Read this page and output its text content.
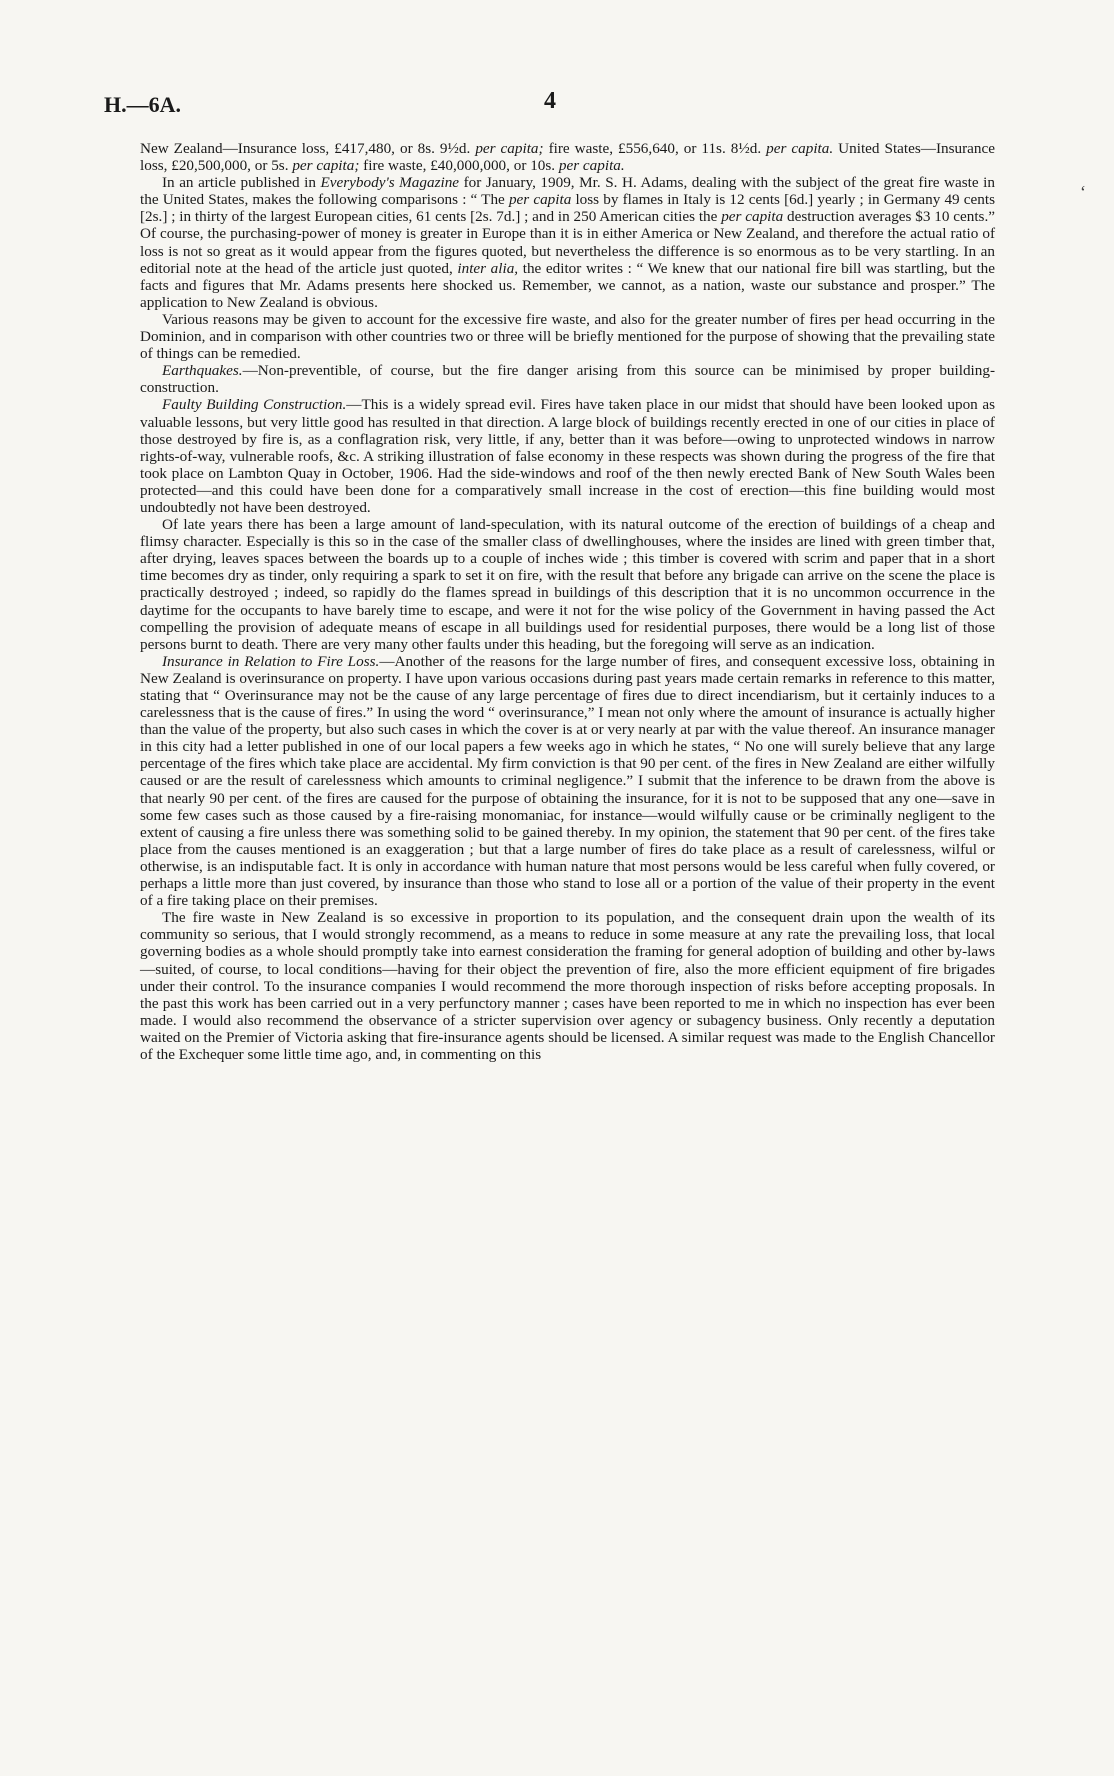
H.—6A.	4

New Zealand—Insurance loss, £417,480, or 8s. 9½d. per capita; fire waste, £556,640, or 11s. 8½d. per capita. United States—Insurance loss, £20,500,000, or 5s. per capita; fire waste, £40,000,000, or 10s. per capita.

In an article published in Everybody's Magazine for January, 1909, Mr. S. H. Adams, dealing with the subject of the great fire waste in the United States, makes the following comparisons : “ The per capita loss by flames in Italy is 12 cents [6d.] yearly ; in Germany 49 cents [2s.] ; in thirty of the largest European cities, 61 cents [2s. 7d.] ; and in 250 American cities the per capita destruction averages $3 10 cents.” Of course, the purchasing-power of money is greater in Europe than it is in either America or New Zealand, and therefore the actual ratio of loss is not so great as it would appear from the figures quoted, but nevertheless the difference is so enormous as to be very startling. In an editorial note at the head of the article just quoted, inter alia, the editor writes : “ We knew that our national fire bill was startling, but the facts and figures that Mr. Adams presents here shocked us. Remember, we cannot, as a nation, waste our substance and prosper.” The application to New Zealand is obvious.

Various reasons may be given to account for the excessive fire waste, and also for the greater number of fires per head occurring in the Dominion, and in comparison with other countries two or three will be briefly mentioned for the purpose of showing that the prevailing state of things can be remedied.

Earthquakes.—Non-preventible, of course, but the fire danger arising from this source can be minimised by proper building-construction.

Faulty Building Construction.—This is a widely spread evil. Fires have taken place in our midst that should have been looked upon as valuable lessons, but very little good has resulted in that direction. A large block of buildings recently erected in one of our cities in place of those destroyed by fire is, as a conflagration risk, very little, if any, better than it was before—owing to unprotected windows in narrow rights-of-way, vulnerable roofs, &c. A striking illustration of false economy in these respects was shown during the progress of the fire that took place on Lambton Quay in October, 1906. Had the side-windows and roof of the then newly erected Bank of New South Wales been protected—and this could have been done for a comparatively small increase in the cost of erection—this fine building would most undoubtedly not have been destroyed.

Of late years there has been a large amount of land-speculation, with its natural outcome of the erection of buildings of a cheap and flimsy character. Especially is this so in the case of the smaller class of dwellinghouses, where the insides are lined with green timber that, after drying, leaves spaces between the boards up to a couple of inches wide ; this timber is covered with scrim and paper that in a short time becomes dry as tinder, only requiring a spark to set it on fire, with the result that before any brigade can arrive on the scene the place is practically destroyed ; indeed, so rapidly do the flames spread in buildings of this description that it is no uncommon occurrence in the daytime for the occupants to have barely time to escape, and were it not for the wise policy of the Government in having passed the Act compelling the provision of adequate means of escape in all buildings used for residential purposes, there would be a long list of those persons burnt to death. There are very many other faults under this heading, but the foregoing will serve as an indication.

Insurance in Relation to Fire Loss.—Another of the reasons for the large number of fires, and consequent excessive loss, obtaining in New Zealand is overinsurance on property. I have upon various occasions during past years made certain remarks in reference to this matter, stating that “ Overinsurance may not be the cause of any large percentage of fires due to direct incendiarism, but it certainly induces to a carelessness that is the cause of fires.” In using the word “ overinsurance,” I mean not only where the amount of insurance is actually higher than the value of the property, but also such cases in which the cover is at or very nearly at par with the value thereof. An insurance manager in this city had a letter published in one of our local papers a few weeks ago in which he states, “ No one will surely believe that any large percentage of the fires which take place are accidental. My firm conviction is that 90 per cent. of the fires in New Zealand are either wilfully caused or are the result of carelessness which amounts to criminal negligence.” I submit that the inference to be drawn from the above is that nearly 90 per cent. of the fires are caused for the purpose of obtaining the insurance, for it is not to be supposed that any one—save in some few cases such as those caused by a fire-raising monomaniac, for instance—would wilfully cause or be criminally negligent to the extent of causing a fire unless there was something solid to be gained thereby. In my opinion, the statement that 90 per cent. of the fires take place from the causes mentioned is an exaggeration ; but that a large number of fires do take place as a result of carelessness, wilful or otherwise, is an indisputable fact. It is only in accordance with human nature that most persons would be less careful when fully covered, or perhaps a little more than just covered, by insurance than those who stand to lose all or a portion of the value of their property in the event of a fire taking place on their premises.

The fire waste in New Zealand is so excessive in proportion to its population, and the consequent drain upon the wealth of its community so serious, that I would strongly recommend, as a means to reduce in some measure at any rate the prevailing loss, that local governing bodies as a whole should promptly take into earnest consideration the framing for general adoption of building and other by-laws—suited, of course, to local conditions—having for their object the prevention of fire, also the more efficient equipment of fire brigades under their control. To the insurance companies I would recommend the more thorough inspection of risks before accepting proposals. In the past this work has been carried out in a very perfunctory manner ; cases have been reported to me in which no inspection has ever been made. I would also recommend the observance of a stricter supervision over agency or subagency business. Only recently a deputation waited on the Premier of Victoria asking that fire-insurance agents should be licensed. A similar request was made to the English Chancellor of the Exchequer some little time ago, and, in commenting on this

ʻ
